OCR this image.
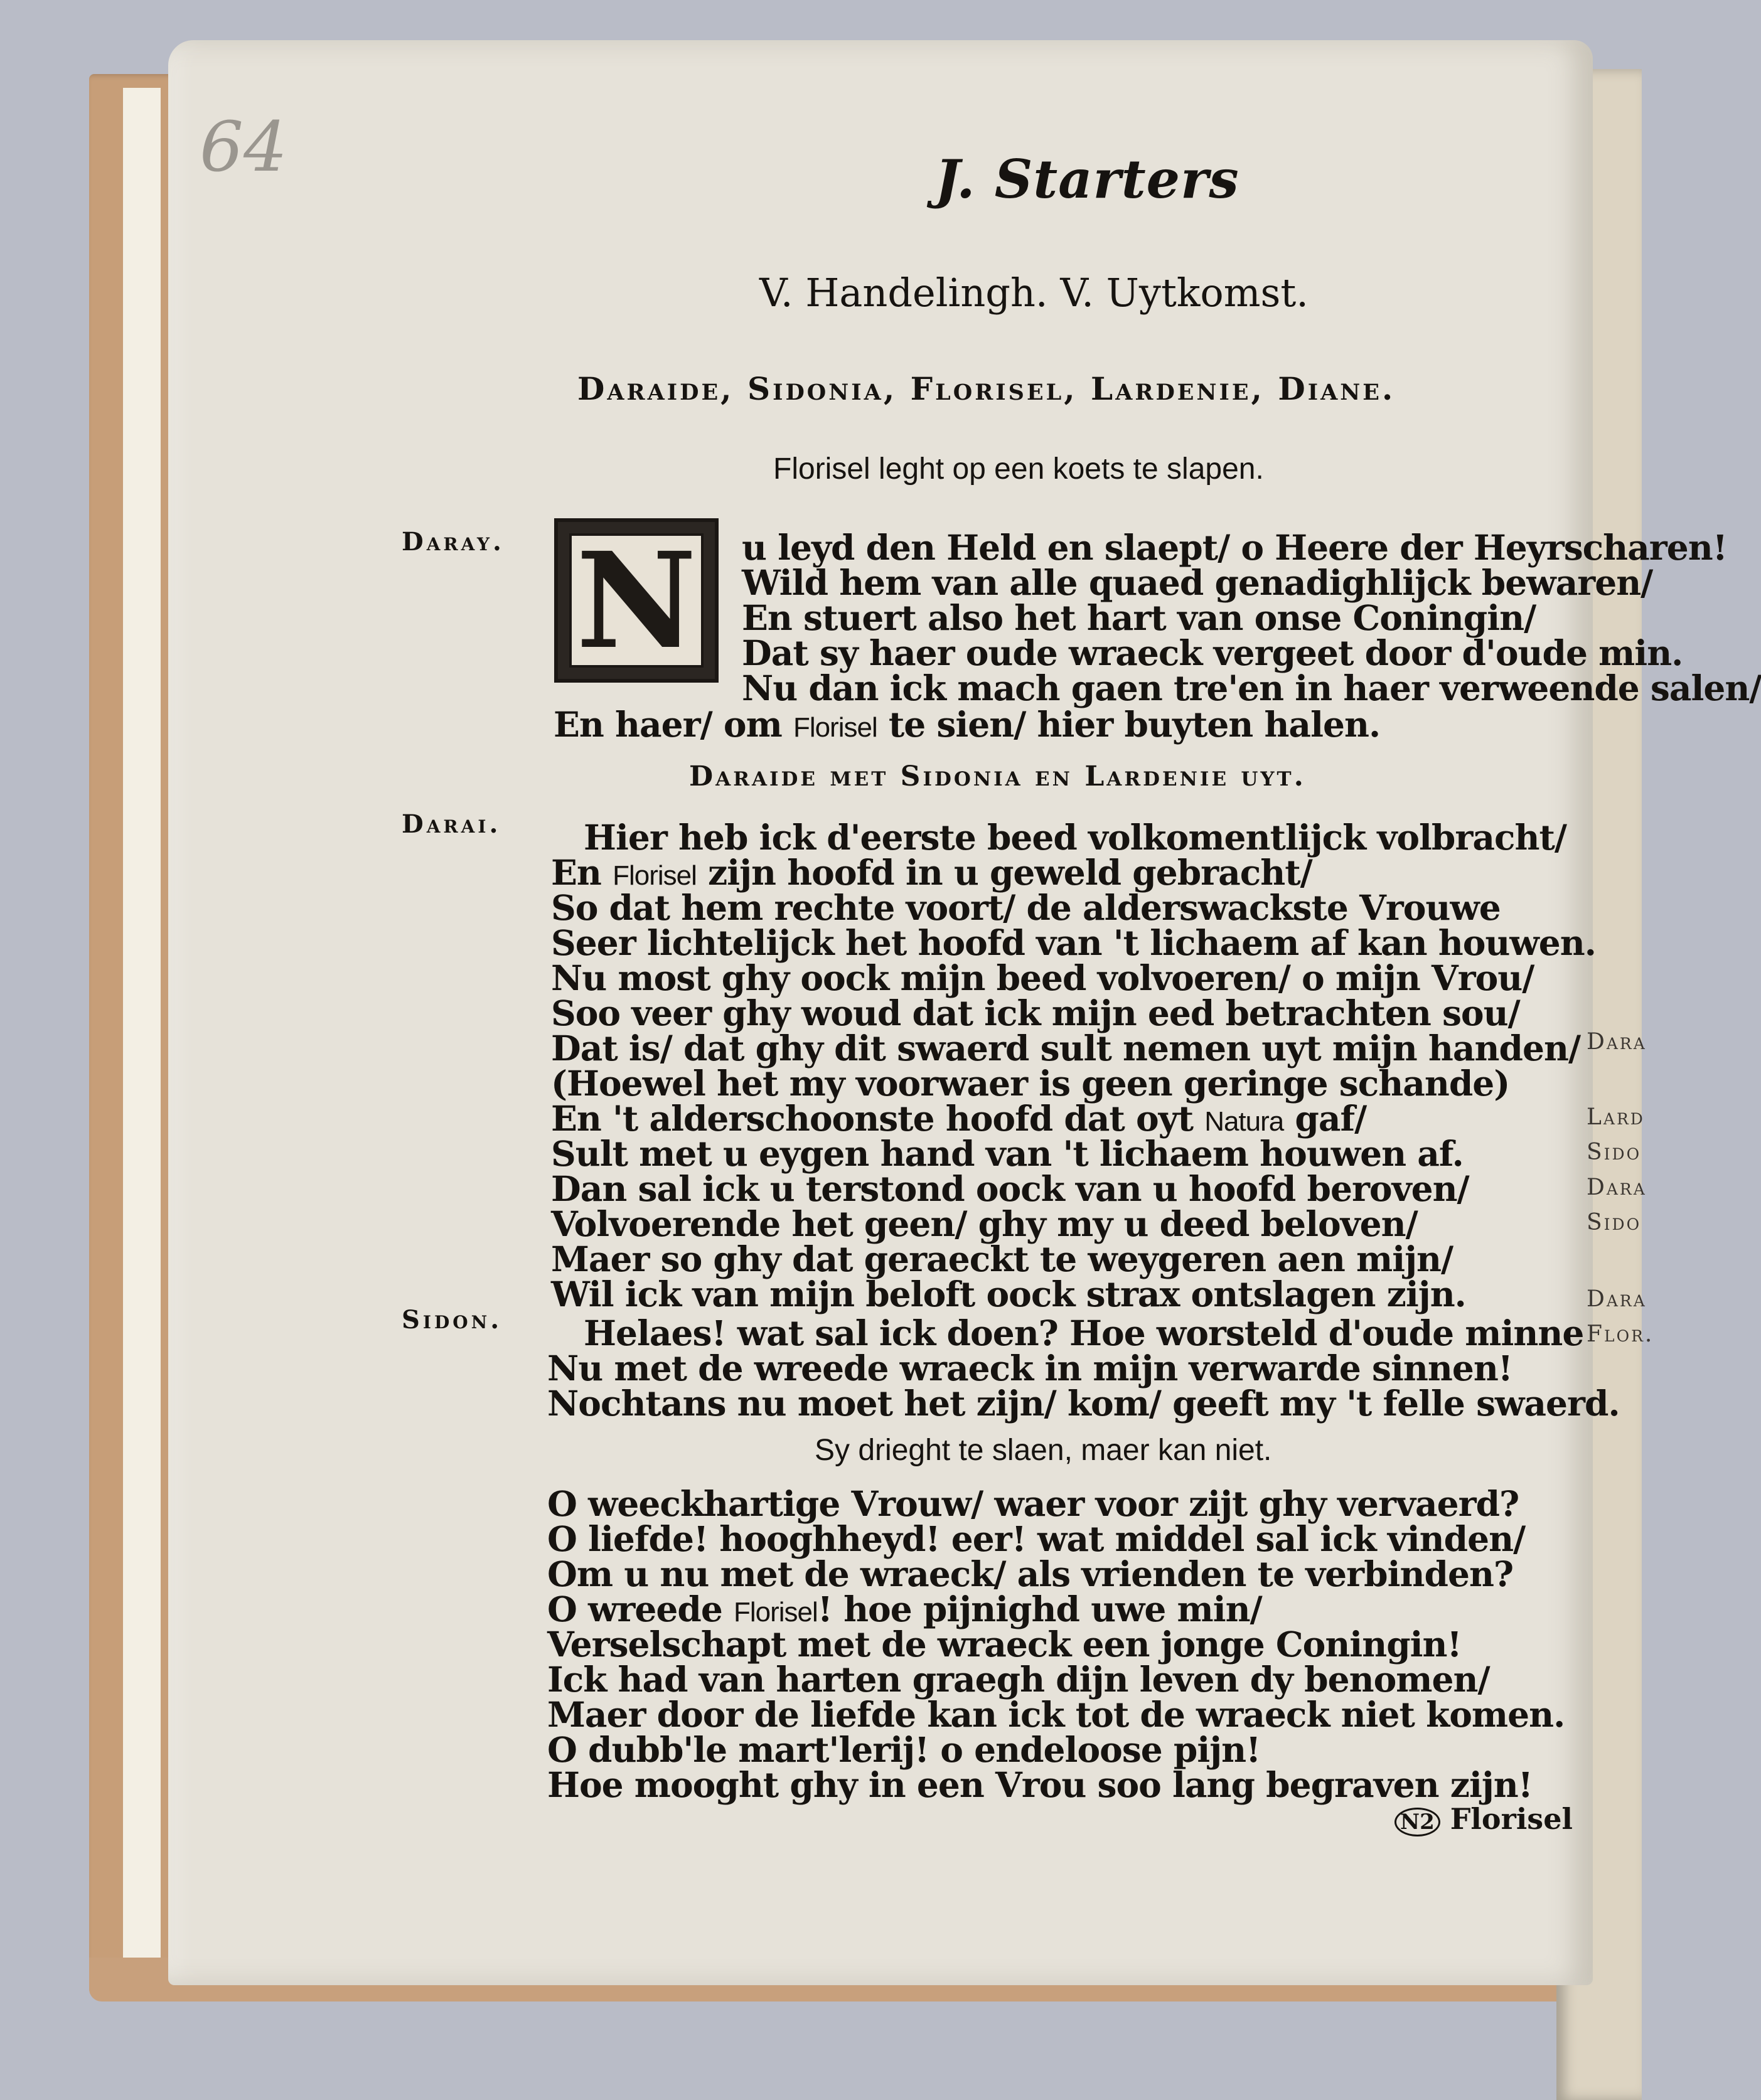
64	J. Starters
V. Handelingh. V. Uytkomst.
Daraide, Sidonia, Florisel, Lardenie, Diane.
Florisel leght op een koets te slapen.
Daray. N u leyd den Held en slaept/ o Heere der Heyrscharen!
Wild hem van alle quaed genadighlijck bewaren/
En stuert also het hart van onse Coningin/
Dat sy haer oude wraeck vergeet door d'oude min.
Nu dan ick mach gaen tre'en in haer verweende salen/
En haer/ om Florisel te sien/ hier buyten halen.
Daraide met Sidonia en Lardenie uyt.
Darai. Hier heb ick d'eerste beed volkomentlijck volbracht/
En Florisel zijn hoofd in u geweld gebracht/
So dat hem rechte voort/ de alderswackste Vrouwe
Seer lichtelijck het hoofd van 't lichaem af kan houwen.
Nu most ghy oock mijn beed volvoeren/ o mijn Vrou/
Soo veer ghy woud dat ick mijn eed betrachten sou/
Dat is/ dat ghy dit swaerd sult nemen uyt mijn handen/
(Hoewel het my voorwaer is geen geringe schande)
En 't alderschoonste hoofd dat oyt Natura gaf/
Sult met u eygen hand van 't lichaem houwen af.
Dan sal ick u terstond oock van u hoofd beroven/
Volvoerende het geen/ ghy my u deed beloven/
Maer so ghy dat geraeckt te weygeren aen mijn/
Wil ick van mijn beloft oock strax ontslagen zijn.
Sidon. Helaes! wat sal ick doen? Hoe worsteld d'oude minne
Nu met de wreede wraeck in mijn verwarde sinnen!
Nochtans nu moet het zijn/ kom/ geeft my 't felle swaerd.
Sy drieght te slaen, maer kan niet.
O weeckhartige Vrouw/ waer voor zijt ghy vervaerd?
O liefde! hooghheyd! eer! wat middel sal ick vinden/
Om u nu met de wraeck/ als vrienden te verbinden?
O wreede Florisel! hoe pijnighd uwe min/
Verselschapt met de wraeck een jonge Coningin!
Ick had van harten graegh dijn leven dy benomen/
Maer door de liefde kan ick tot de wraeck niet komen.
O dubb'le mart'lerij! o endeloose pijn!
Hoe mooght ghy in een Vrou soo lang begraven zijn!
N2 Florisel
Dara
Lard
Sido
Dara
Sido
Dara
Flor.
